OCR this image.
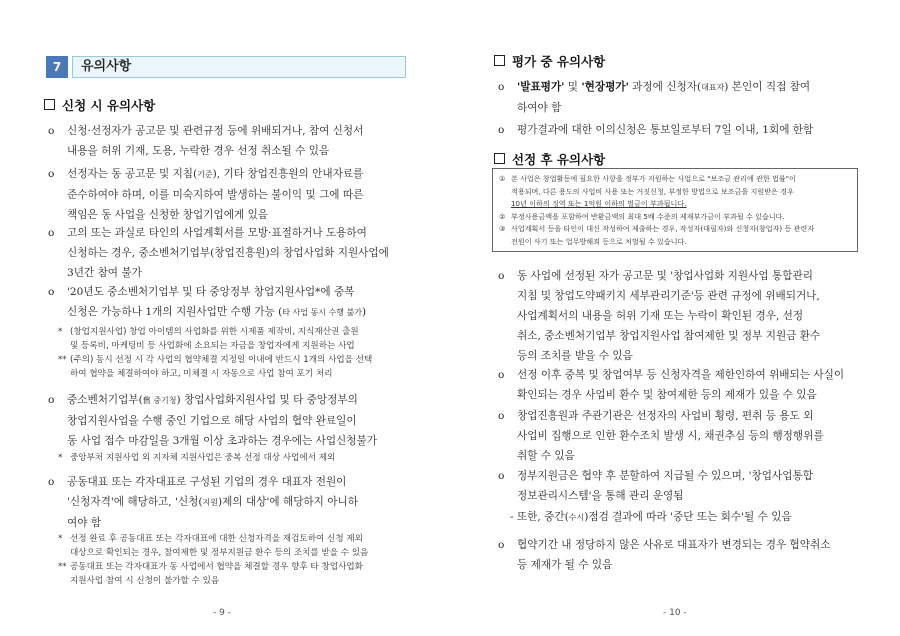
7	유의사항
신청 시 유의사항
o 신청·선정자가 공고문 및 관련규정 등에 위배되거나, 참여 신청서
내용을 허위 기재, 도용, 누락한 경우 선정 취소될 수 있음
o 선정자는 동 공고문 및 지침(기준), 기타 창업진흥원의 안내자료를
준수하여야 하며, 이를 미숙지하여 발생하는 불이익 및 그에 따른
책임은 동 사업을 신청한 창업기업에게 있음
o 고의 또는 과실로 타인의 사업계획서를 모방·표절하거나 도용하여
신청하는 경우, 중소벤처기업부(창업진흥원)의 창업사업화 지원사업에
3년간 참여 불가
o '20년도 중소벤처기업부 및 타 중앙정부 창업지원사업*에 중복
신청은 가능하나 1개의 지원사업만 수행 가능 (타 사업 동시 수행 불가)
* (창업지원사업) 창업 아이템의 사업화를 위한 시제품 제작비, 지식재산권 출원
및 등록비, 마케팅비 등 사업화에 소요되는 자금을 창업자에게 지원하는 사업
** (주의) 동시 선정 시 각 사업의 협약체결 지정일 이내에 반드시 1개의 사업을 선택
하여 협약을 체결하여야 하고, 미체결 시 자동으로 사업 참여 포기 처리
o 중소벤처기업부(舊 중기청) 창업사업화지원사업 및 타 중앙정부의
창업지원사업을 수행 중인 기업으로 해당 사업의 협약 완료일이
동 사업 접수 마감일을 3개월 이상 초과하는 경우에는 사업신청불가
* 중앙부처 지원사업 외 지자체 지원사업은 중복 선정 대상 사업에서 제외
o 공동대표 또는 각자대표로 구성된 기업의 경우 대표자 전원이
'신청자격'에 해당하고, '신청(지원)제의 대상'에 해당하지 아니하
여야 함
* 선정 완료 후 공동대표 또는 각자대표에 대한 신청자격을 재검토하여 신청 제외
대상으로 확인되는 경우, 참여제한 및 정부지원금 환수 등의 조치를 받을 수 있음
** 공동대표 또는 각자대표가 동 사업에서 협약을 체결할 경우 향후 타 창업사업화
지원사업 참여 시 신청이 불가할 수 있음
- 9 -
평가 중 유의사항
o '발표평가' 및 '현장평가' 과정에 신청자(대표자) 본인이 직접 참여
하여야 함
o 평가결과에 대한 이의신청은 통보일로부터 7일 이내, 1회에 한함
선정 후 유의사항
① 본 사업은 창업활동에 필요한 사항을 정부가 지원하는 사업으로 "보조금 관리에 관한 법률"이
적용되며, 다른 용도의 사업비 사용 또는 거짓신청, 부정한 방법으로 보조금을 지원받은 경우
10년 이하의 징역 또는 1억원 이하의 벌금이 부과됩니다.
② 부정사용금액을 포함하여 반환금액의 최대 5배 수준의 제재부가금이 부과될 수 있습니다.
③ 사업계획서 등을 타인이 대신 작성하여 제출하는 경우, 작성자(대필자)와 신청자(창업자) 등 관련자
전원이 사기 또는 업무방해죄 등으로 처벌될 수 있습니다.
o 동 사업에 선정된 자가 공고문 및 '창업사업화 지원사업 통합관리
지침 및 창업도약패키지 세부관리기준'등 관련 규정에 위배되거나,
사업계획서의 내용을 허위 기재 또는 누락이 확인된 경우, 선정
취소, 중소벤처기업부 창업지원사업 참여제한 및 정부 지원금 환수
등의 조치를 받을 수 있음
o 선정 이후 중복 및 창업여부 등 신청자격을 제한인하여 위배되는 사실이
확인되는 경우 사업비 환수 및 참여제한 등의 제재가 있을 수 있음
o 창업진흥원과 주관기관은 선정자의 사업비 횡령, 편취 등 용도 외
사업비 집행으로 인한 환수조치 발생 시, 채권추심 등의 행정행위를
취할 수 있음
o 정부지원금은 협약 후 분할하여 지급될 수 있으며, '창업사업통합
정보관리시스템'을 통해 관리 운영됨
- 또한, 중간(수시)점검 결과에 따라 '중단 또는 회수'될 수 있음
o 협약기간 내 정당하지 않은 사유로 대표자가 변경되는 경우 협약취소
등 제재가 될 수 있음
- 10 -
